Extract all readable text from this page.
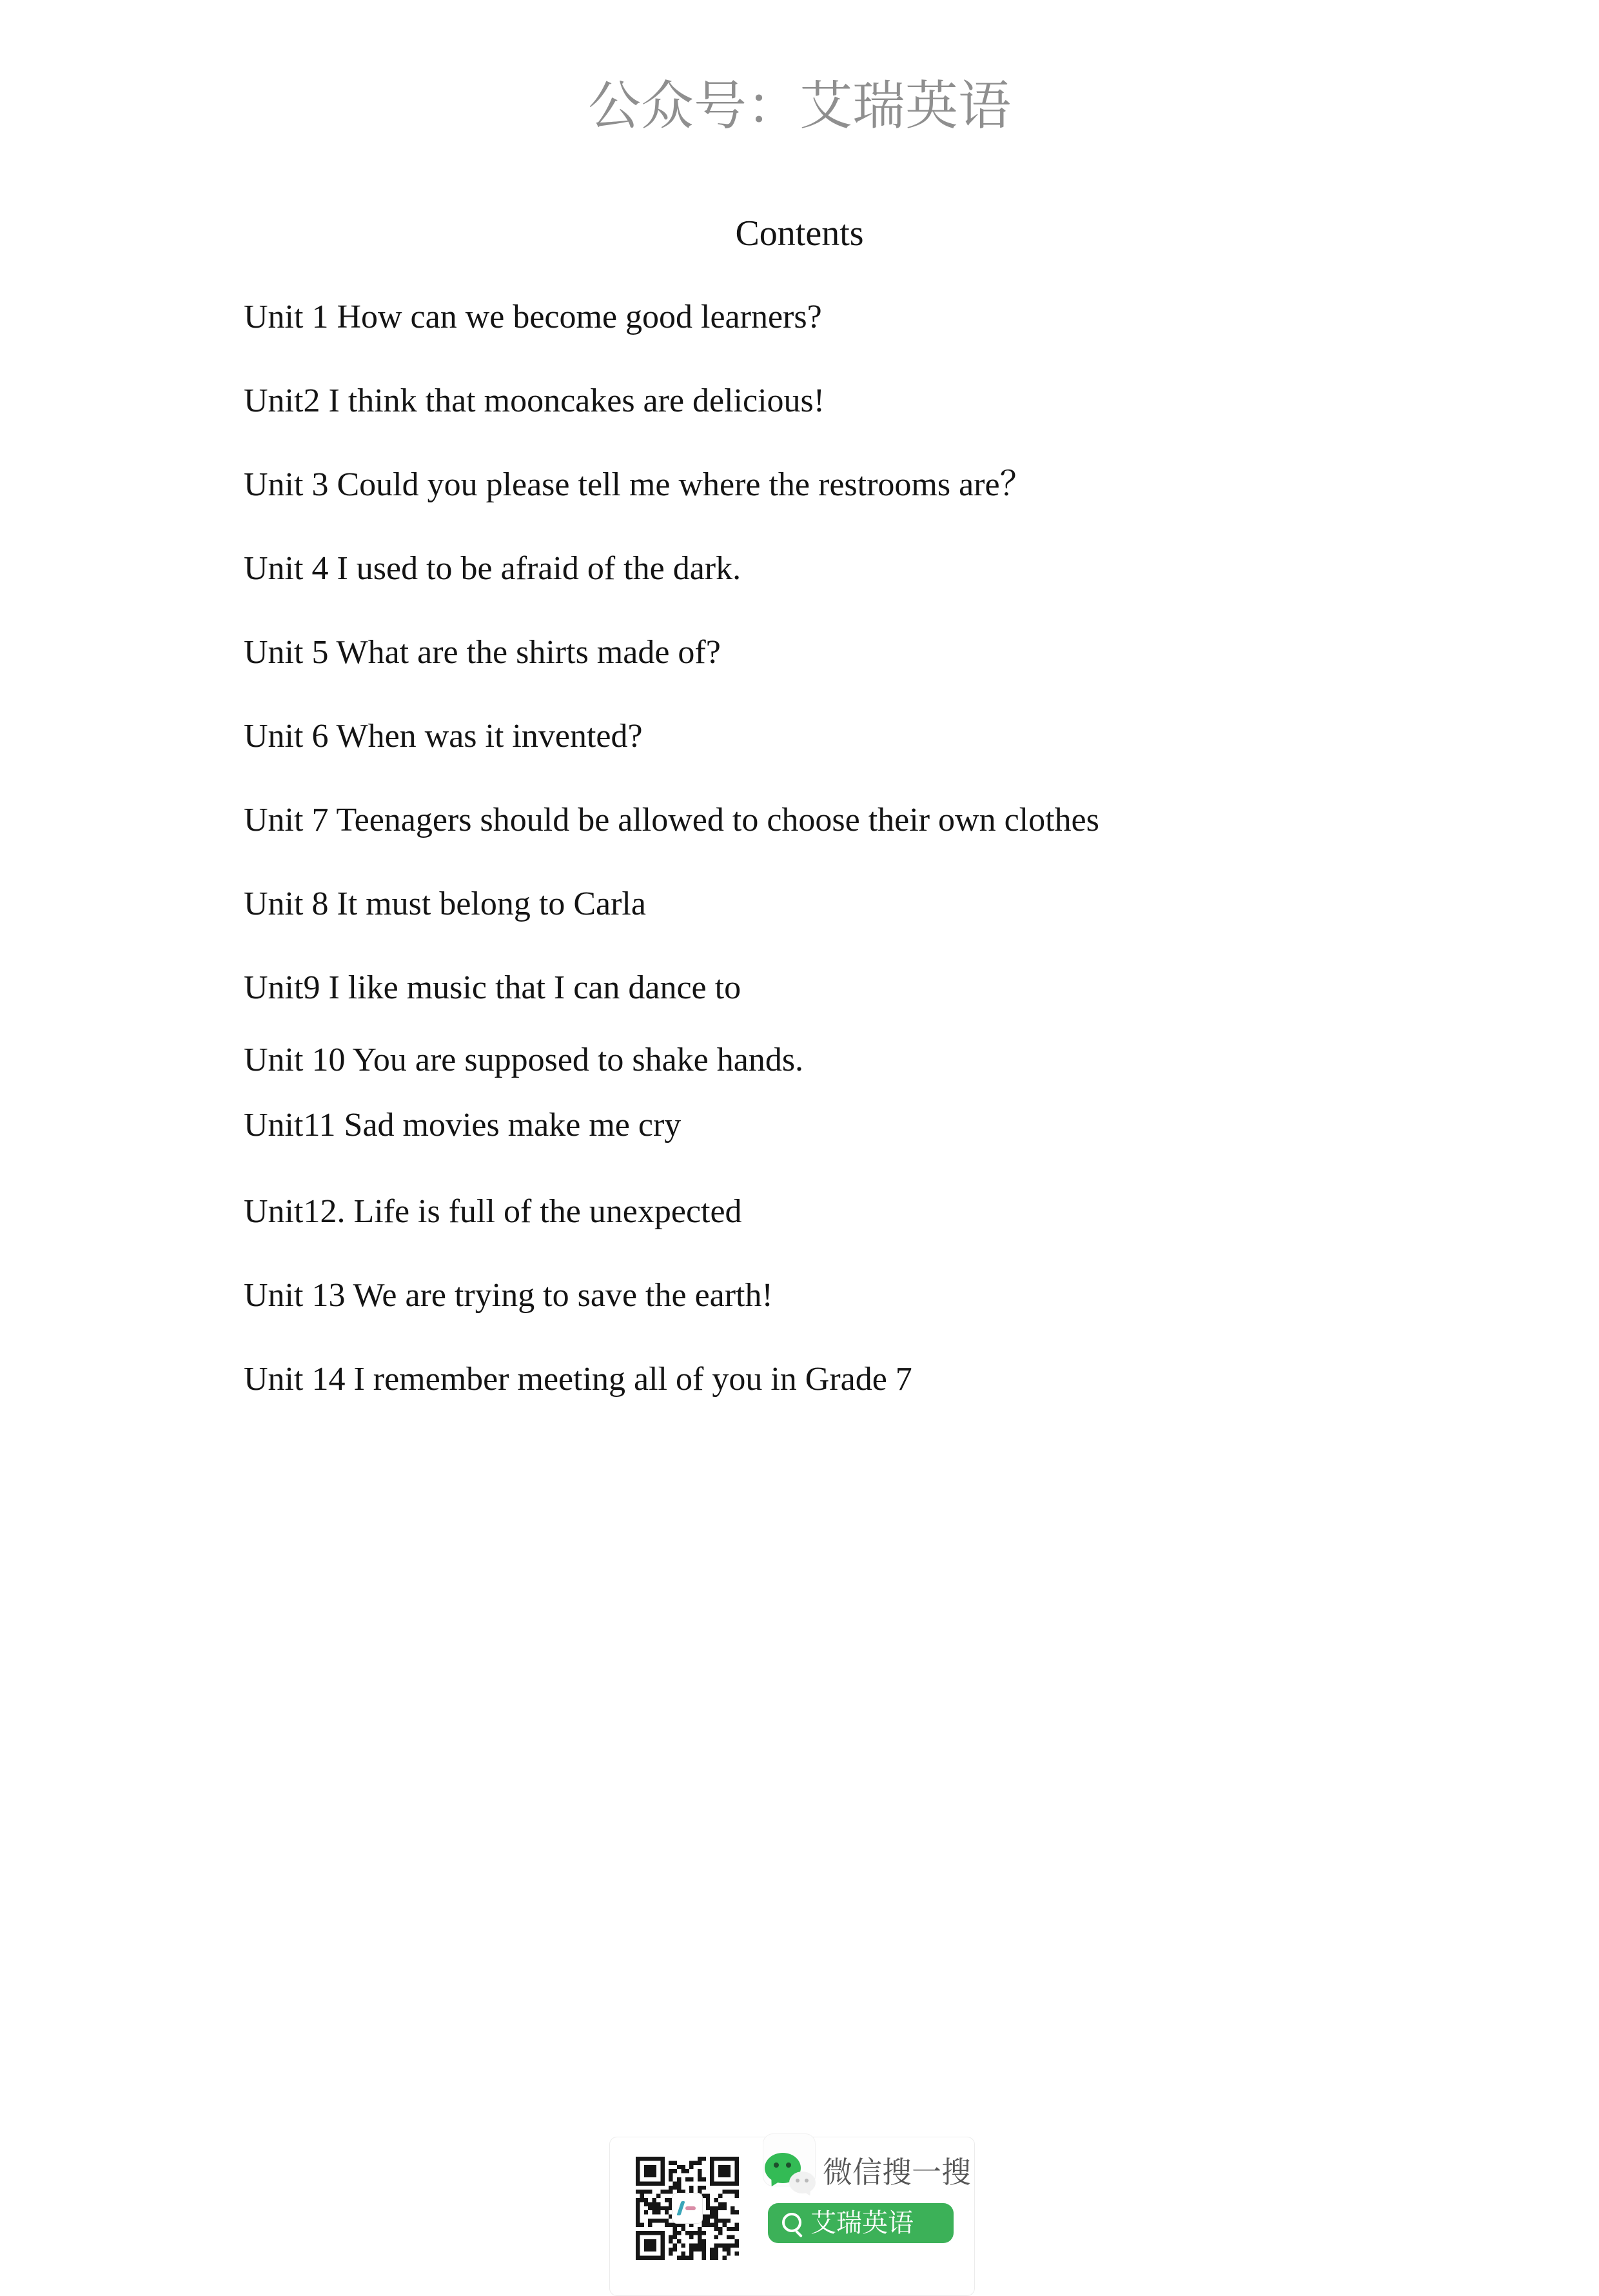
公众号：艾瑞英语
Contents
Unit 1 How can we become good learners?
Unit2 I think that mooncakes are delicious!
Unit 3 Could you please tell me where the restrooms are？
Unit 4 I used to be afraid of the dark.
Unit 5 What are the shirts made of?
Unit 6 When was it invented?
Unit 7 Teenagers should be allowed to choose their own clothes
Unit 8 It must belong to Carla
Unit9 I like music that I can dance to
Unit 10 You are supposed to shake hands.
Unit11 Sad movies make me cry
Unit12. Life is full of the unexpected
Unit 13 We are trying to save the earth!
Unit 14 I remember meeting all of you in Grade 7
微信搜一搜
艾瑞英语
